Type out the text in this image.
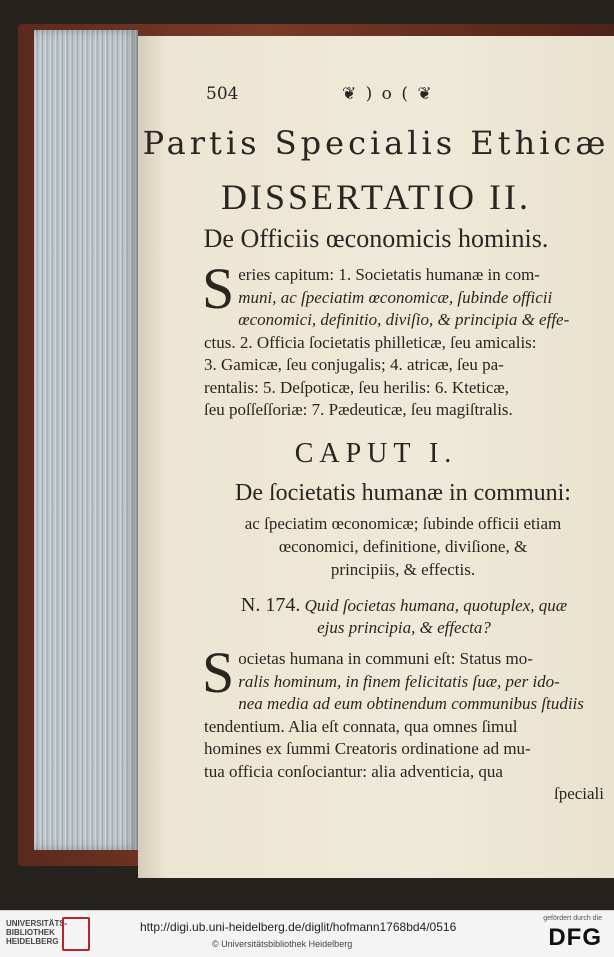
504	❦ ) o ( ❦
Partis Specialis Ethicæ
DISSERTATIO II.
De Officiis œconomicis hominis.
S eries capitum: 1. Societatis humanæ in com-
muni, ac ſpeciatim œconomicæ, ſubinde officii
œconomici, definitio, diviſio, & principia & effe-
ctus. 2. Officia ſocietatis philleticæ, ſeu amicalis:
3. Gamicæ, ſeu conjugalis; 4. atricæ, ſeu pa-
rentalis: 5. Deſpoticæ, ſeu herilis: 6. Kteticæ,
ſeu poſſeſſoriæ: 7. Pædeuticæ, ſeu magiſtralis.
CAPUT I.
De ſocietatis humanæ in communi:
ac ſpeciatim œconomicæ; ſubinde officii etiam
œconomici, definitione, diviſione, &
principiis, & effectis.
N. 174. Quid ſocietas humana, quotuplex, quæ
ejus principia, & effecta?
S ocietas humana in communi eſt: Status mo-
ralis hominum, in finem felicitatis ſuæ, per ido-
nea media ad eum obtinendum communibus ſtudiis
tendentium. Alia eſt connata, qua omnes ſimul
homines ex ſummi Creatoris ordinatione ad mu-
tua officia conſociantur: alia adventicia, qua
ſpeciali
UNIVERSITÄTS-
BIBLIOTHEK
HEIDELBERG
http://digi.ub.uni-heidelberg.de/diglit/hofmann1768bd4/0516
© Universitätsbibliothek Heidelberg
gefördert durch die
DFG
